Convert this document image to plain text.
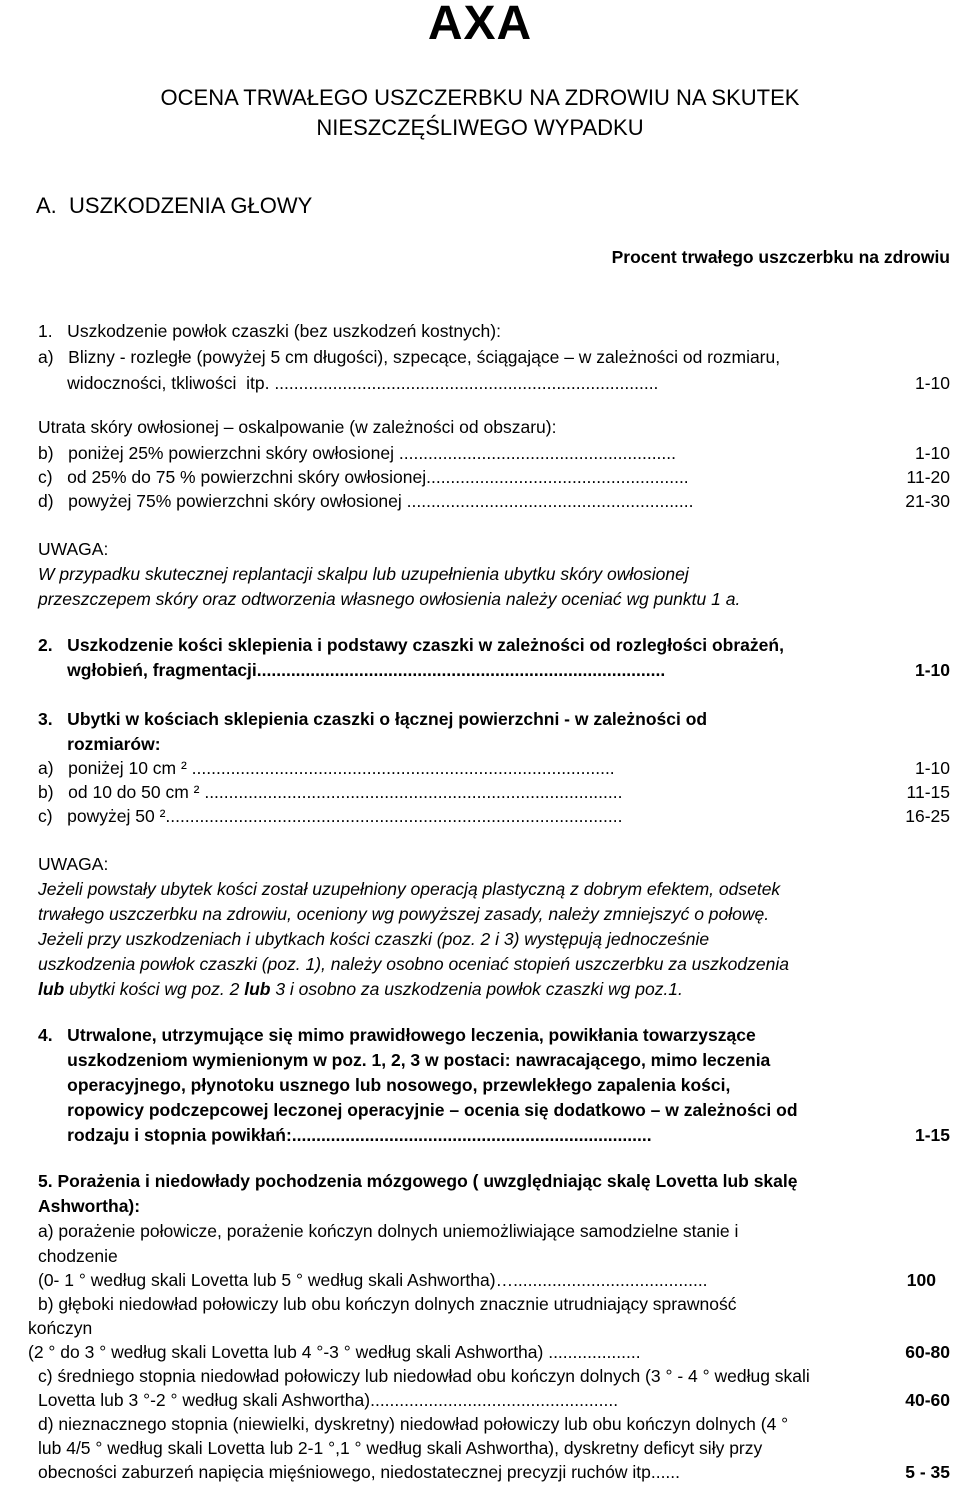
AXA
OCENA TRWAŁEGO USZCZERBKU NA ZDROWIU NA SKUTEK
NIESZCZĘŚLIWEGO WYPADKU
A.  USZKODZENIA GŁOWY
Procent trwałego uszczerbku na zdrowiu
1.   Uszkodzenie powłok czaszki (bez uszkodzeń kostnych):
a)   Blizny - rozległe (powyżej 5 cm długości), szpecące, ściągające – w zależności od rozmiaru,
widoczności, tkliwości  itp. ...............................................................................	1-10
Utrata skóry owłosionej – oskalpowanie (w zależności od obszaru):
b)   poniżej 25% powierzchni skóry owłosionej .........................................................	1-10
c)   od 25% do 75 % powierzchni skóry owłosionej......................................................	11-20
d)   powyżej 75% powierzchni skóry owłosionej ...........................................................	21-30
UWAGA:
W przypadku skutecznej replantacji skalpu lub uzupełnienia ubytku skóry owłosionej
przeszczepem skóry oraz odtworzenia własnego owłosienia należy oceniać wg punktu 1 a.
2.   Uszkodzenie kości sklepienia i podstawy czaszki w zależności od rozległości obrażeń,
wgłobień, fragmentacji....................................................................................	1-10
3.   Ubytki w kościach sklepienia czaszki o łącznej powierzchni - w zależności od
rozmiarów:
a)   poniżej 10 cm ² .......................................................................................	1-10
b)   od 10 do 50 cm ² ......................................................................................	11-15
c)   powyżej 50 ²..............................................................................................	16-25
UWAGA:
Jeżeli powstały ubytek kości został uzupełniony operacją plastyczną z dobrym efektem, odsetek
trwałego uszczerbku na zdrowiu, oceniony wg powyższej zasady, należy zmniejszyć o połowę.
Jeżeli przy uszkodzeniach i ubytkach kości czaszki (poz. 2 i 3) występują jednocześnie
uszkodzenia powłok czaszki (poz. 1), należy osobno oceniać stopień uszczerbku za uszkodzenia
lub ubytki kości wg poz. 2 lub 3 i osobno za uszkodzenia powłok czaszki wg poz.1.
4.   Utrwalone, utrzymujące się mimo prawidłowego leczenia, powikłania towarzyszące
uszkodzeniom wymienionym w poz. 1, 2, 3 w postaci: nawracającego, mimo leczenia
operacyjnego, płynotoku usznego lub nosowego, przewlekłego zapalenia kości,
ropowicy podczepcowej leczonej operacyjnie – ocenia się dodatkowo – w zależności od
rodzaju i stopnia powikłań:..........................................................................	1-15
5. Porażenia i niedowłady pochodzenia mózgowego ( uwzględniając skalę Lovetta lub skalę
Ashwortha):
a) porażenie połowicze, porażenie kończyn dolnych uniemożliwiające samodzielne stanie i
chodzenie
(0- 1 ° według skali Lovetta lub 5 ° według skali Ashwortha)…........................................	100
b) głęboki niedowład połowiczy lub obu kończyn dolnych znacznie utrudniający sprawność
kończyn
(2 ° do 3 ° według skali Lovetta lub 4 °-3 ° według skali Ashwortha) ...................	60-80
c) średniego stopnia niedowład połowiczy lub niedowład obu kończyn dolnych (3 ° - 4 ° według skali
Lovetta lub 3 °-2 ° według skali Ashwortha)...................................................	40-60
d) nieznacznego stopnia (niewielki, dyskretny) niedowład połowiczy lub obu kończyn dolnych (4 °
lub 4/5 ° według skali Lovetta lub 2-1 °,1 ° według skali Ashwortha), dyskretny deficyt siły przy
obecności zaburzeń napięcia mięśniowego, niedostatecznej precyzji ruchów itp......	5 - 35
